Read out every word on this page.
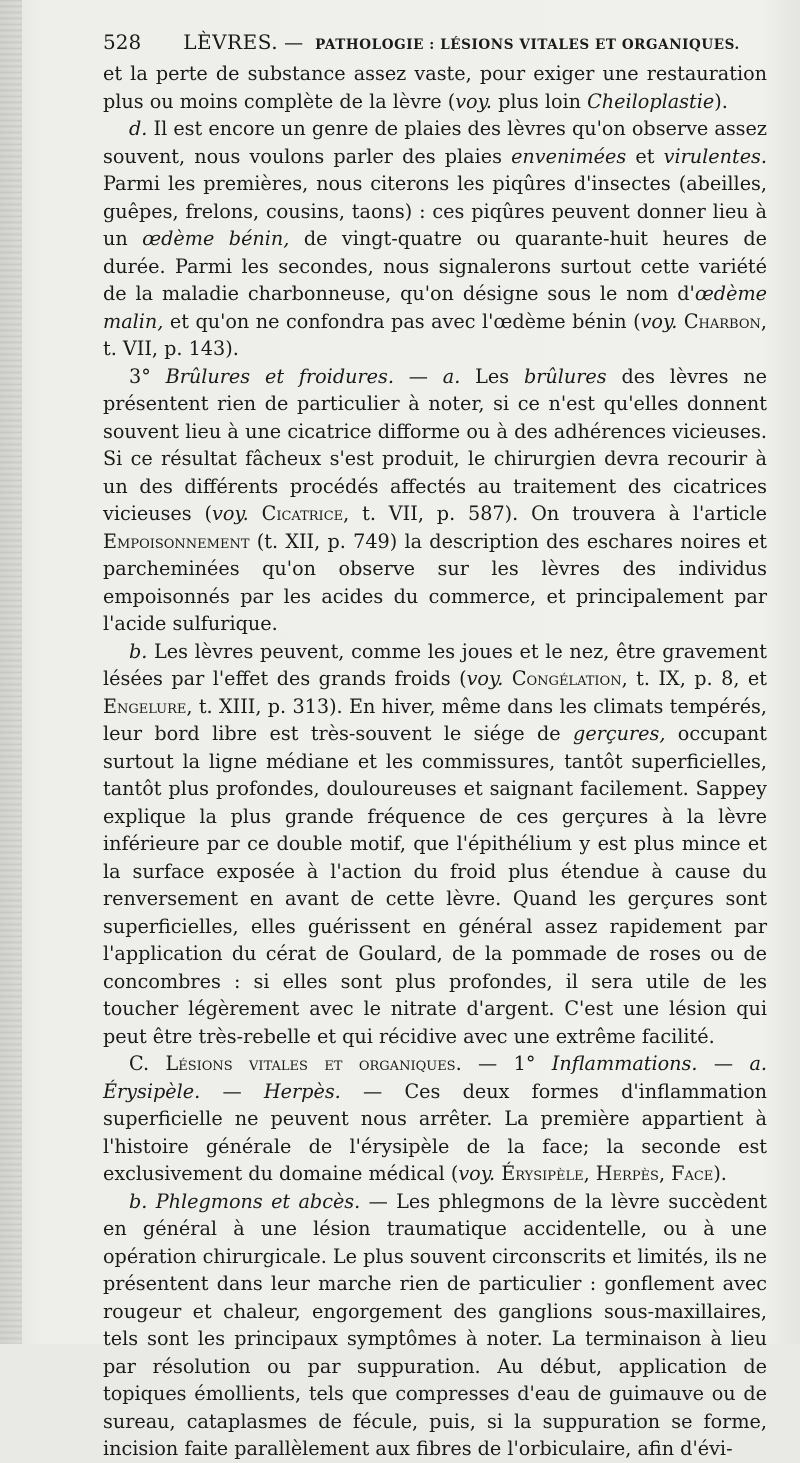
528 LÈVRES. — PATHOLOGIE : LÉSIONS VITALES ET ORGANIQUES.

et la perte de substance assez vaste, pour exiger une restauration plus ou moins complète de la lèvre (voy. plus loin Cheiloplastie).

d. Il est encore un genre de plaies des lèvres qu'on observe assez souvent, nous voulons parler des plaies envenimées et virulentes. Parmi les premières, nous citerons les piqûres d'insectes (abeilles, guêpes, frelons, cousins, taons) : ces piqûres peuvent donner lieu à un œdème bénin, de vingt-quatre ou quarante-huit heures de durée. Parmi les secondes, nous signalerons surtout cette variété de la maladie charbonneuse, qu'on désigne sous le nom d'œdème malin, et qu'on ne confondra pas avec l'œdème bénin (voy. Charbon, t. VII, p. 143).

3° Brûlures et froidures. — a. Les brûlures des lèvres ne présentent rien de particulier à noter, si ce n'est qu'elles donnent souvent lieu à une cicatrice difforme ou à des adhérences vicieuses. Si ce résultat fâcheux s'est produit, le chirurgien devra recourir à un des différents procédés affectés au traitement des cicatrices vicieuses (voy. Cicatrice, t. VII, p. 587). On trouvera à l'article Empoisonnement (t. XII, p. 749) la description des eschares noires et parcheminées qu'on observe sur les lèvres des individus empoisonnés par les acides du commerce, et principalement par l'acide sulfurique.

b. Les lèvres peuvent, comme les joues et le nez, être gravement lésées par l'effet des grands froids (voy. Congélation, t. IX, p. 8, et Engelure, t. XIII, p. 313). En hiver, même dans les climats tempérés, leur bord libre est très-souvent le siége de gerçures, occupant surtout la ligne médiane et les commissures, tantôt superficielles, tantôt plus profondes, douloureuses et saignant facilement. Sappey explique la plus grande fréquence de ces gerçures à la lèvre inférieure par ce double motif, que l'épithélium y est plus mince et la surface exposée à l'action du froid plus étendue à cause du renversement en avant de cette lèvre. Quand les gerçures sont superficielles, elles guérissent en général assez rapidement par l'application du cérat de Goulard, de la pommade de roses ou de concombres : si elles sont plus profondes, il sera utile de les toucher légèrement avec le nitrate d'argent. C'est une lésion qui peut être très-rebelle et qui récidive avec une extrême facilité.

C. Lésions vitales et organiques. — 1° Inflammations. — a. Érysipèle. — Herpès. — Ces deux formes d'inflammation superficielle ne peuvent nous arrêter. La première appartient à l'histoire générale de l'érysipèle de la face; la seconde est exclusivement du domaine médical (voy. Érysipèle, Herpès, Face).

b. Phlegmons et abcès. — Les phlegmons de la lèvre succèdent en général à une lésion traumatique accidentelle, ou à une opération chirurgicale. Le plus souvent circonscrits et limités, ils ne présentent dans leur marche rien de particulier : gonflement avec rougeur et chaleur, engorgement des ganglions sous-maxillaires, tels sont les principaux symptômes à noter. La terminaison à lieu par résolution ou par suppuration. Au début, application de topiques émollients, tels que compresses d'eau de guimauve ou de sureau, cataplasmes de fécule, puis, si la suppuration se forme, incision faite parallèlement aux fibres de l'orbiculaire, afin d'évi-
